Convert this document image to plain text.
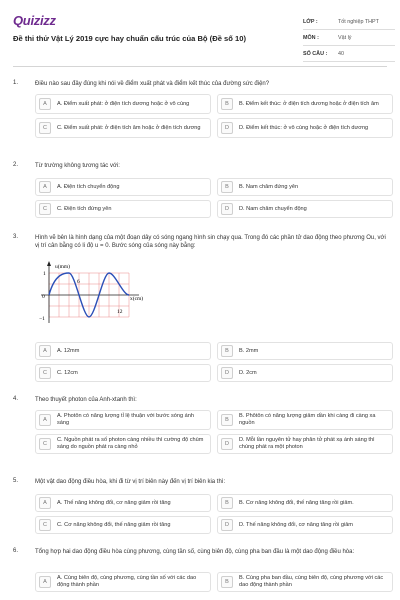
Quizizz
Đề thi thử Vật Lý 2019 cực hay chuẩn cấu trúc của Bộ (Đề số 10)
LỚP :	Tốt nghiệp THPT
MÔN :	Vật lý
SỐ CÂU :	40
1.	Điều nào sau đây đúng khi nói về điểm xuất phát và điểm kết thúc của đường sức điện?
A	A. Điểm xuất phát: ở điện tích dương hoặc ở vô cùng	B	B. Điểm kết thúc: ở điện tích dương hoặc ở điện tích âm
C	C. Điểm xuất phát: ở điện tích âm hoặc ở điện tích dương	D	D. Điểm kết thúc: ở vô cùng hoặc ở điện tích dương
2.	Từ trường không tương tác với:
A	A. Điện tích chuyển động	B	B. Nam châm đứng yên
C	C. Điện tích đứng yên	D	D. Nam châm chuyển động
3.	Hình vẽ bên là hình dạng của một đoạn dây có sóng ngang hình sin chạy qua. Trong đó các phần tử dao động theo phương Ou, với vị trí cân bằng có li độ u = 0. Bước sóng của sóng này bằng:
A	A. 12mm	B	B. 2mm
C	C. 12cm	D	D. 2cm
u(mm)
x(cm)
1
0
−1
6
12
4.	Theo thuyết photon của Anh-xtanh thì:
A
A. Photôn có năng lượng tỉ lệ thuận với bước sóng ánh sáng	B
B. Phôtôn có năng lượng giảm dần khi càng đi càng xa nguồn
C
C. Nguồn phát ra số photon càng nhiều thì cường độ chùm sáng do nguồn phát ra càng nhỏ	D
D. Mỗi lần nguyên tử hay phân tử phát xạ ánh sáng thì chúng phát ra một photon
5.	Một vật dao động điều hòa, khi đi từ vị trí biên này đến vị trí biên kia thì:
A	A. Thế năng không đổi, cơ năng giảm rồi tăng	B	B. Cơ năng không đổi, thế năng tăng rồi giảm.
C	C. Cơ năng không đổi, thế năng giảm rồi tăng	D	D. Thế năng không đổi, cơ năng tăng rồi giảm
6.	Tổng hợp hai dao động điều hòa cùng phương, cùng tần số, cùng biên độ, cùng pha ban đầu là một dao động điều hòa:
A
A. Cùng biên độ, cùng phương, cùng tần số với các dao động thành phần	B
B. Cùng pha ban đầu, cùng biên độ, cùng phương với các dao động thành phần
